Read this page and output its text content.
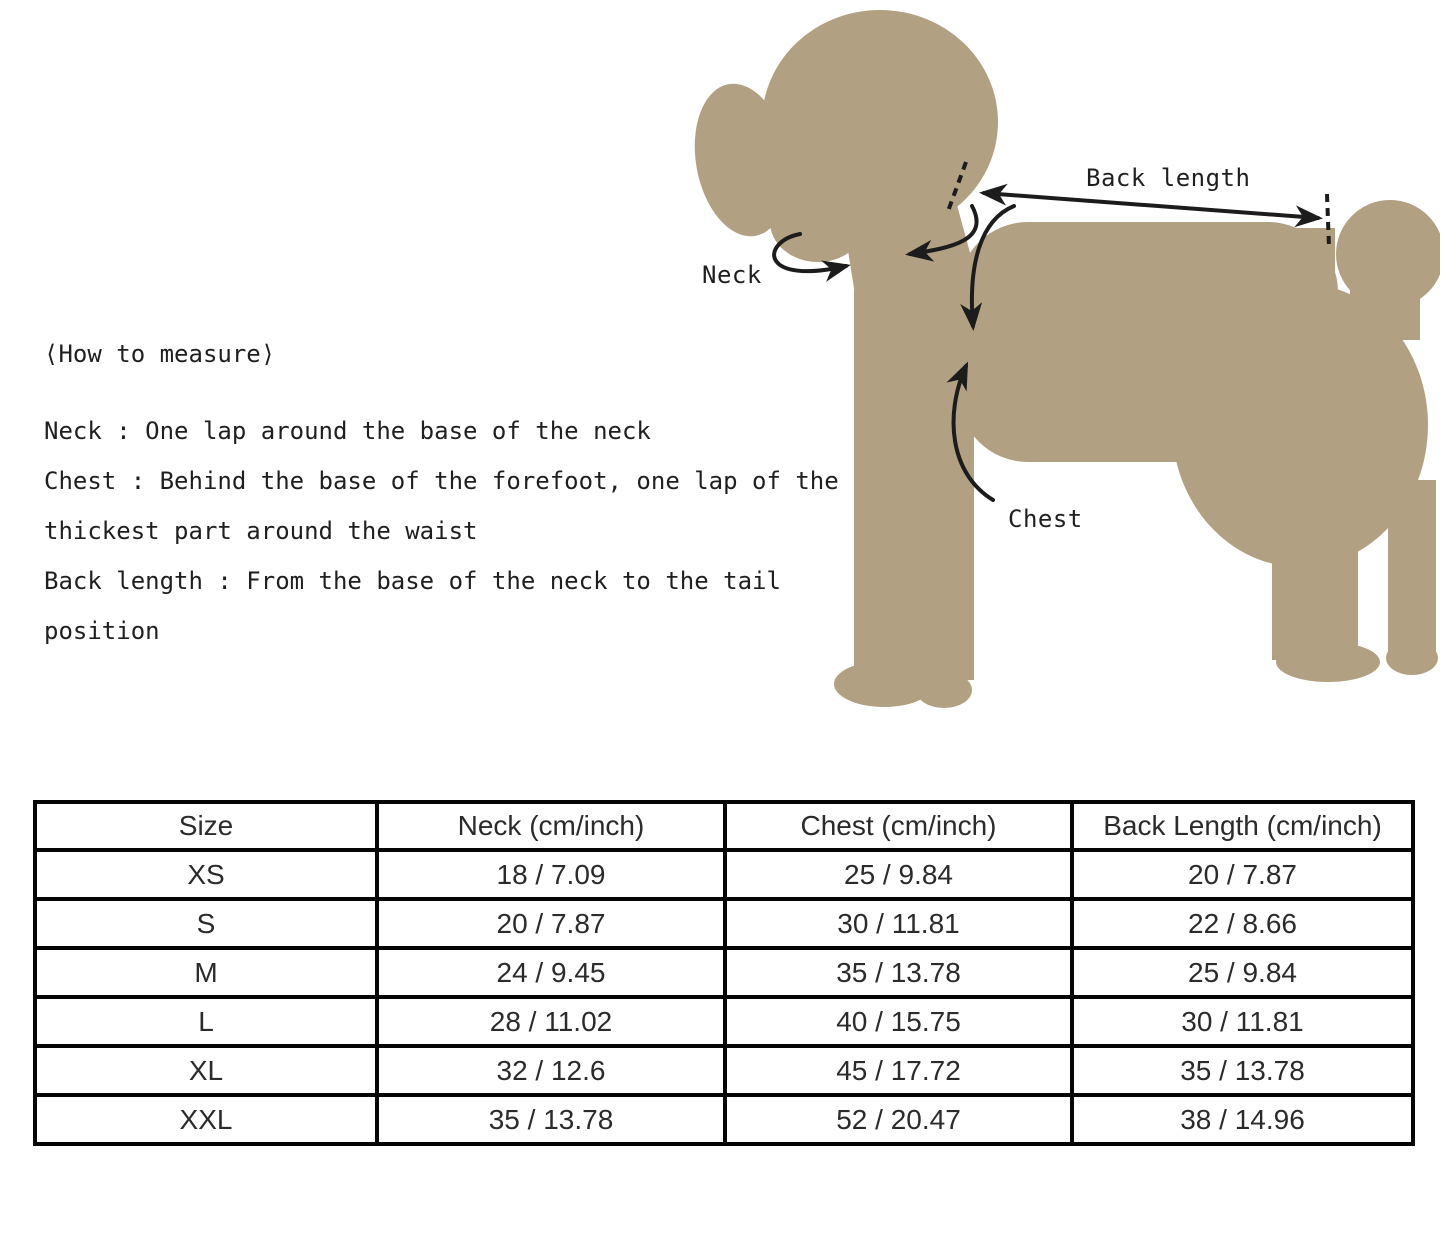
⟨How to measure⟩
Neck : One lap around the base of the neck
Chest : Behind the base of the forefoot, one lap of the
thickest part around the waist
Back length : From the base of the neck to the tail
position
Neck
Back length
Chest
Size	Neck (cm/inch)	Chest (cm/inch)	Back Length (cm/inch)
XS	18 / 7.09	25 / 9.84	20 / 7.87
S	20 / 7.87	30 / 11.81	22 / 8.66
M	24 / 9.45	35 / 13.78	25 / 9.84
L	28 / 11.02	40 / 15.75	30 / 11.81
XL	32 / 12.6	45 / 17.72	35 / 13.78
XXL	35 / 13.78	52 / 20.47	38 / 14.96
